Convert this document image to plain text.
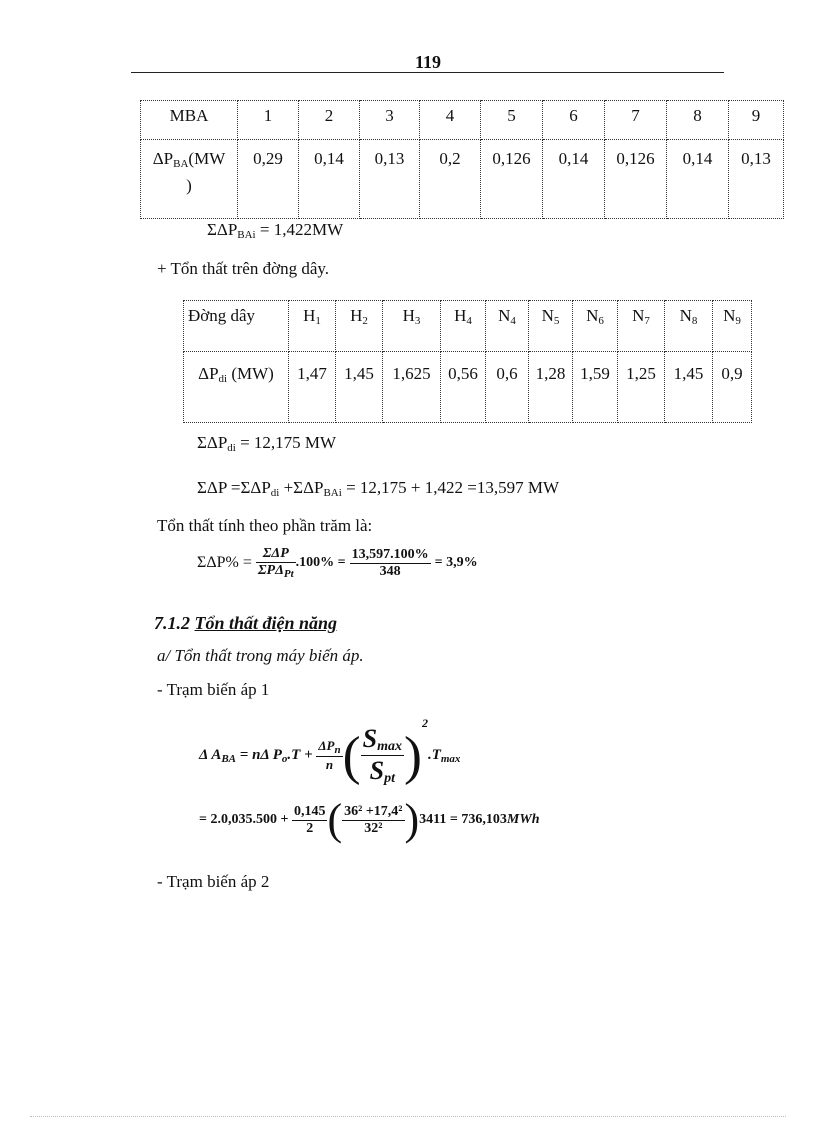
119
MBA	1	2	3	4	5	6	7	8	9
$\Delta P_{BA}(MW$
)	0,29	0,14	0,13	0,2	0,126	0,14	0,126	0,14	0,13
$\Sigma\Delta P_{BAi} = 1,422MW$
+ Tổn thất trên đờng dây.
Đờng dây	$H_1$	$H_2$	$H_3$	$H_4$	$N_4$	$N_5$	$N_6$	$N_7$	$N_8$	$N_9$
$\Delta P_{di}$ (MW)	1,47	1,45	1,625	0,56	0,6	1,28	1,59	1,25	1,45	0,9
$\Sigma\Delta P_{di} = 12,175$ MW
$\Sigma\Delta P =\Sigma\Delta P_{di} +\Sigma\Delta P_{BAi} = 12,175 + 1,422 =13,597$ MW
Tổn thất tính theo phần trăm là:
$\Sigma\Delta P\% = \frac{\text{ΣΔP}}{\Sigma P\Delta_{Pt}} .100\% = \frac{13,597.100\%}{348} = 3,9\%$
7.1.2 Tổn thất điện năng
a/ Tổn thất trong máy biến áp.
- Trạm biến áp 1
Δ $A_{BA} = n\Delta$ $P_o.T + \frac{\Delta P_n}{n}$ ( $\frac{S_{max}}{S_{pt}} )^2.T_{max}$
= $2.0,035.500 + \frac{0,145}{2}$ ( $\frac{\text{36² +17,4²}}{\text{32²}} )3411 = 736,103MWh$
- Trạm biến áp 2
